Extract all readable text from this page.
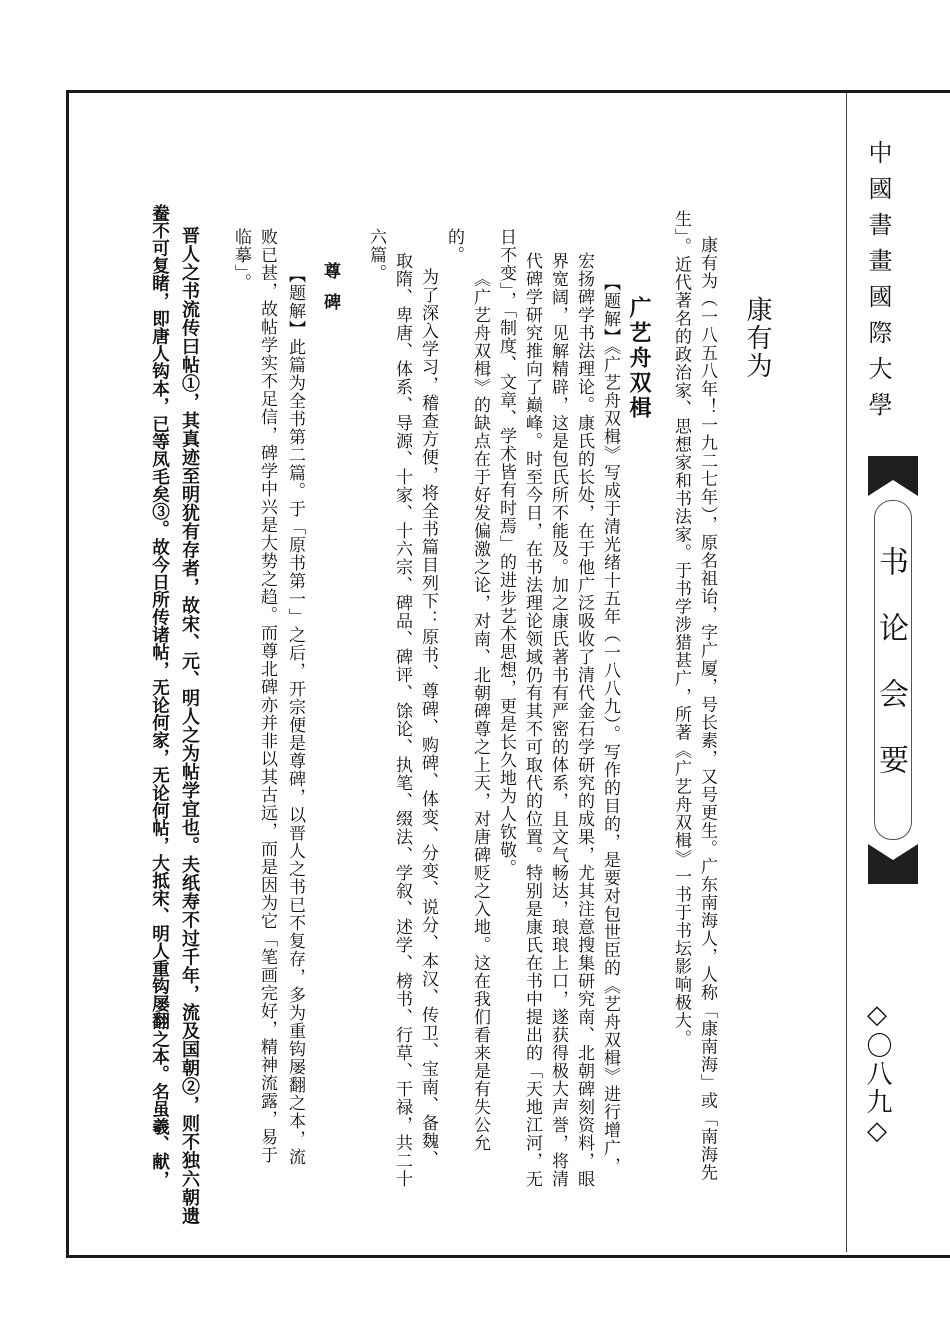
中國書畫國際大學
书论会要
◇〇八九◇
康有为
康有为（一八五八年！一九二七年），原名祖诒，字广厦，号长素，又号更生。广东南海人，人称「康南海」或「南海先
生」。近代著名的政治家、思想家和书法家。于书学涉猎甚广，所著《广艺舟双楫》一书于书坛影响极大。
广艺舟双楫
【题解】《广艺舟双楫》写成于清光绪十五年（一八八九）。写作的目的，是要对包世臣的《艺舟双楫》进行增广，
宏扬碑学书法理论。康氏的长处，在于他广泛吸收了清代金石学研究的成果，尤其注意搜集研究南、北朝碑刻资料，眼
界宽阔，见解精辟，这是包氏所不能及。加之康氏著书有严密的体系，且文气畅达，琅琅上口，遂获得极大声誉，将清
代碑学研究推向了巅峰。时至今日，在书法理论领域仍有其不可取代的位置。特别是康氏在书中提出的「天地江河，无
日不变」，「制度、文章、学术皆有时焉」的进步艺术思想，更是长久地为人钦敬。
《广艺舟双楫》的缺点在于好发偏激之论，对南、北朝碑尊之上天，对唐碑贬之入地。这在我们看来是有失公允
的。
为了深入学习，稽查方便，将全书篇目列下：原书、尊碑、购碑、体变、分变、说分、本汉、传卫、宝南、备魏、
取隋、卑唐、体系、导源、十家、十六宗、碑品、碑评、馀论、执笔、缀法、学叙、述学、榜书、行草、干禄，共二十
六篇。
尊碑
【题解】此篇为全书第二篇。于「原书第一」之后，开宗便是尊碑，以晋人之书已不复存，多为重钩屡翻之本，流
败已甚，故帖学实不足信，碑学中兴是大势之趋。而尊北碑亦并非以其古远，而是因为它「笔画完好，精神流露，易于
临摹」。
晋人之书流传曰帖①，其真迹至明犹有存者，故宋、元、明人之为帖学宜也。夫纸寿不过千年，流及国朝②，则不独六朝遗
鲞不可复睹，即唐人钩本，已等凤毛矣③。故今日所传诸帖，无论何家，无论何帖，大抵宋、明人重钩屡翻之本。名虽羲、献，
